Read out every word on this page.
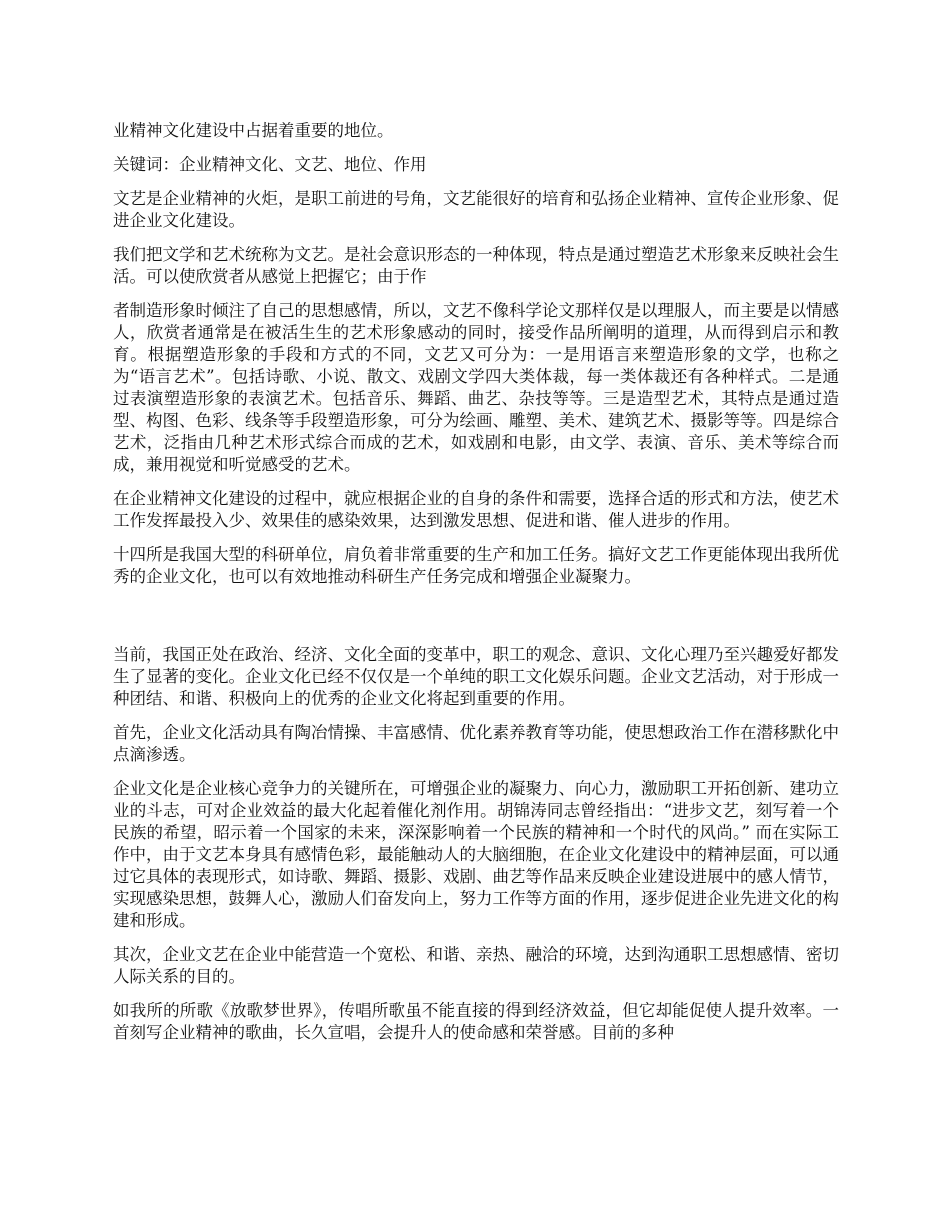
业精神文化建设中占据着重要的地位。

关键词：企业精神文化、文艺、地位、作用

文艺是企业精神的火炬，是职工前进的号角，文艺能很好的培育和弘扬企业精神、宣传企业形象、促进企业文化建设。

我们把文学和艺术统称为文艺。是社会意识形态的一种体现，特点是通过塑造艺术形象来反映社会生活。可以使欣赏者从感觉上把握它；由于作

者制造形象时倾注了自己的思想感情，所以，文艺不像科学论文那样仅是以理服人，而主要是以情感人，欣赏者通常是在被活生生的艺术形象感动的同时，接受作品所阐明的道理，从而得到启示和教育。根据塑造形象的手段和方式的不同，文艺又可分为：一是用语言来塑造形象的文学，也称之为“语言艺术”。包括诗歌、小说、散文、戏剧文学四大类体裁，每一类体裁还有各种样式。二是通过表演塑造形象的表演艺术。包括音乐、舞蹈、曲艺、杂技等等。三是造型艺术，其特点是通过造型、构图、色彩、线条等手段塑造形象，可分为绘画、雕塑、美术、建筑艺术、摄影等等。四是综合艺术，泛指由几种艺术形式综合而成的艺术，如戏剧和电影，由文学、表演、音乐、美术等综合而成，兼用视觉和听觉感受的艺术。

在企业精神文化建设的过程中，就应根据企业的自身的条件和需要，选择合适的形式和方法，使艺术工作发挥最投入少、效果佳的感染效果，达到激发思想、促进和谐、催人进步的作用。

十四所是我国大型的科研单位，肩负着非常重要的生产和加工任务。搞好文艺工作更能体现出我所优秀的企业文化，也可以有效地推动科研生产任务完成和增强企业凝聚力。

当前，我国正处在政治、经济、文化全面的变革中，职工的观念、意识、文化心理乃至兴趣爱好都发生了显著的变化。企业文化已经不仅仅是一个单纯的职工文化娱乐问题。企业文艺活动，对于形成一种团结、和谐、积极向上的优秀的企业文化将起到重要的作用。

首先，企业文化活动具有陶冶情操、丰富感情、优化素养教育等功能，使思想政治工作在潜移默化中点滴渗透。

企业文化是企业核心竞争力的关键所在，可增强企业的凝聚力、向心力，激励职工开拓创新、建功立业的斗志，可对企业效益的最大化起着催化剂作用。胡锦涛同志曾经指出：“进步文艺，刻写着一个民族的希望，昭示着一个国家的未来，深深影响着一个民族的精神和一个时代的风尚。” 而在实际工作中，由于文艺本身具有感情色彩，最能触动人的大脑细胞，在企业文化建设中的精神层面，可以通过它具体的表现形式，如诗歌、舞蹈、摄影、戏剧、曲艺等作品来反映企业建设进展中的感人情节，实现感染思想，鼓舞人心，激励人们奋发向上，努力工作等方面的作用，逐步促进企业先进文化的构建和形成。

其次，企业文艺在企业中能营造一个宽松、和谐、亲热、融洽的环境，达到沟通职工思想感情、密切人际关系的目的。

如我所的所歌《放歌梦世界》，传唱所歌虽不能直接的得到经济效益，但它却能促使人提升效率。一首刻写企业精神的歌曲，长久宣唱，会提升人的使命感和荣誉感。目前的多种
